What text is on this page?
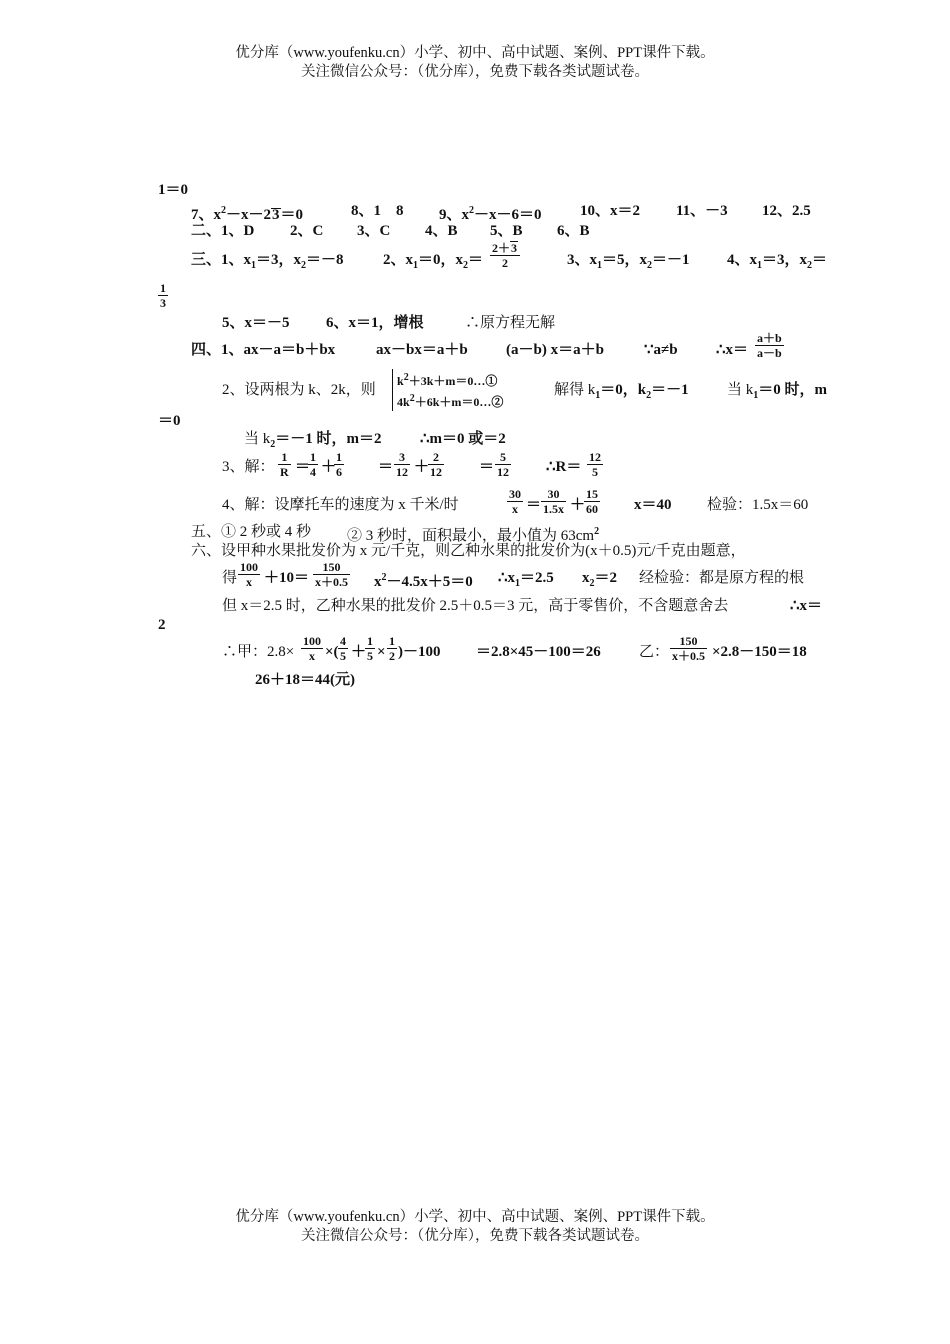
优分库（www.youfenku.cn）小学、初中、高中试题、案例、PPT课件下载。
关注微信公众号：（优分库），免费下载各类试题试卷。
1＝0
7、$x^2-x-23=0$	8、1　8 9、$x^2-x-6=0$	10、x＝2 11、－3 12、2.5
二、1、D 2、C 3、C 4、B 5、B 6、B
三、1、$x_1=3$，$x_2=-8$	2、$x_1=0$，$x_2=$
2＋3
2	3、$x_1=5$，$x_2=-1$ 4、$x_1=3$，$x_2=$
1
3
5、x＝－5 6、x＝1，增根	∴原方程无解
四、1、ax－a＝b＋bx	ax－bx＝a＋b	(a－b) x＝a＋b	∵a≠b	∴x＝
a＋b
a－b
2、设两根为 k、2k，则
$k^2+3k+m=0\dots ①$
$4k^2+6k+m=0\dots ②$
解得 $k_1=0$，$k_2=-1$	当 $k_1=0$ 时，m
＝0
当 $k_2=-1$ 时，m＝2	∴m＝0 或＝2
3、解：
1
R ＝
1
4 ＋
1
6 ＝
3
12 ＋
2
12 ＝
5
12 ∴R＝
12
5
4、解：设摩托车的速度为 x 千米/时
30
x ＝
30
1.5x ＋
15
60 x＝40 检验：1.5x＝60
五、① 2 秒或 4 秒 ② 3 秒时，面积最小，最小值为 $63cm^2$
六、设甲种水果批发价为 x 元/千克，则乙种水果的批发价为(x＋0.5)元/千克由题意，
得
100
x ＋10＝
150
x＋0.5 $x^2-4.5x+5=0$ $\therefore x_1=2.5$ $x_2=2$ 经检验：都是原方程的根
但 x＝2.5 时，乙种水果的批发价 2.5＋0.5＝3 元，高于零售价，不含题意舍去	∴x＝
2
∴甲：2.8×
100
x ×(
4
5 ＋
1
5 ×
1
2 )－100 ＝2.8×45－100＝26	乙：
150
x＋0.5 ×2.8－150＝18
26＋18＝44(元)
优分库（www.youfenku.cn）小学、初中、高中试题、案例、PPT课件下载。
关注微信公众号：（优分库），免费下载各类试题试卷。
